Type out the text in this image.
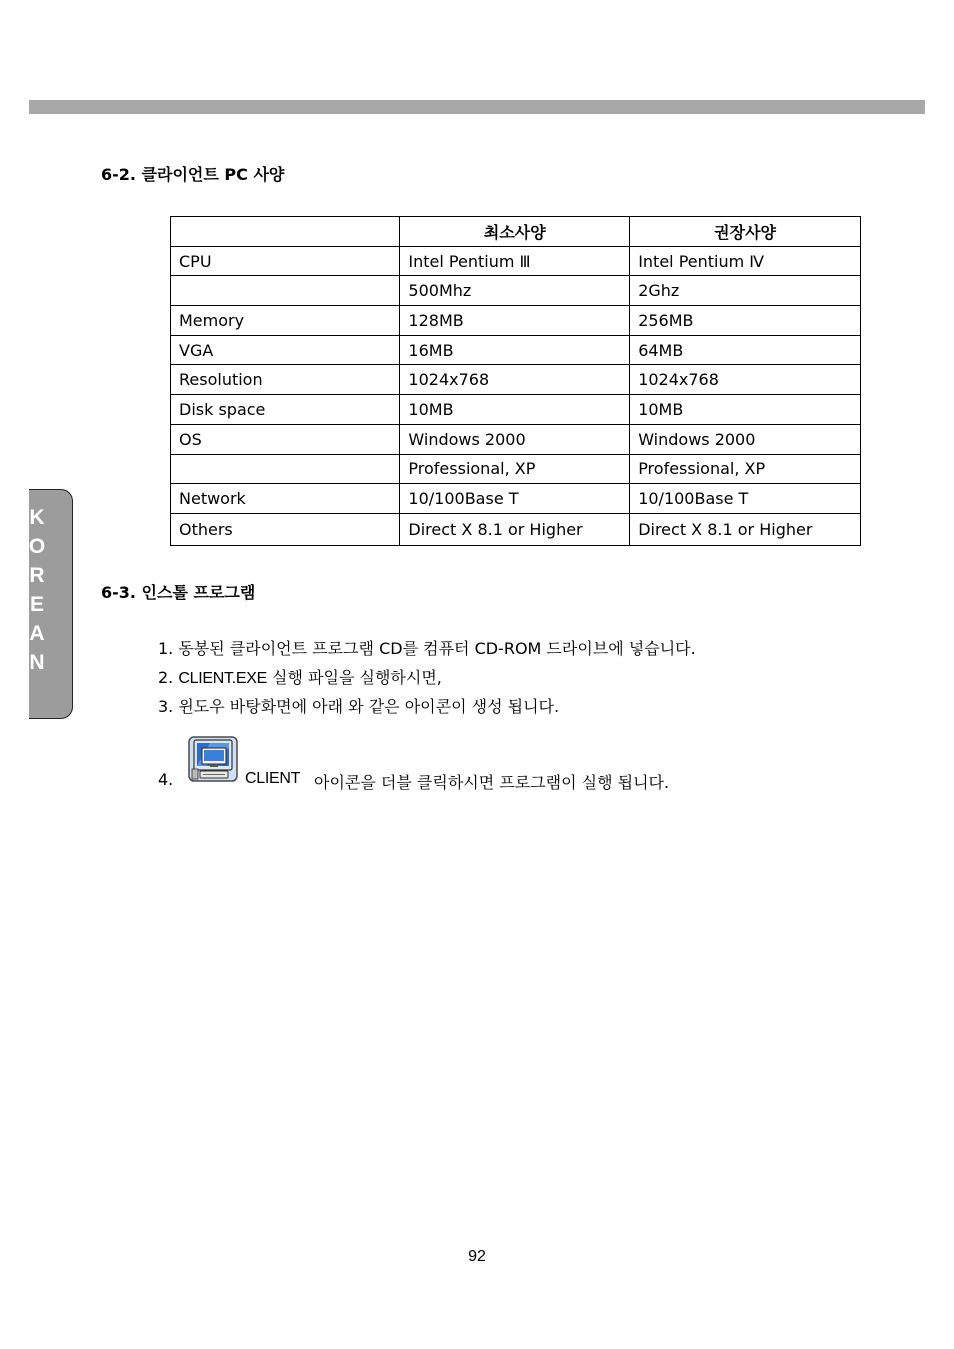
K
O
R
E
A
N
6-2. 클라이언트 PC 사양
	최소사양	권장사양
CPU	Intel Pentium Ⅲ	Intel Pentium Ⅳ
	500Mhz	2Ghz
Memory	128MB	256MB
VGA	16MB	64MB
Resolution	1024x768	1024x768
Disk space	10MB	10MB
OS	Windows 2000	Windows 2000
	Professional, XP	Professional, XP
Network	10/100Base T	10/100Base T
Others	Direct X 8.1 or Higher	Direct X 8.1 or Higher
6-3. 인스톨 프로그램
1. 동봉된 클라이언트 프로그램 CD를 컴퓨터 CD-ROM 드라이브에 넣습니다.
2. CLIENT.EXE 실행 파일을 실행하시면,
3. 윈도우 바탕화면에 아래 와 같은 아이콘이 생성 됩니다.
4.	CLIENT 아이콘을 더블 클릭하시면 프로그램이 실행 됩니다.
92
